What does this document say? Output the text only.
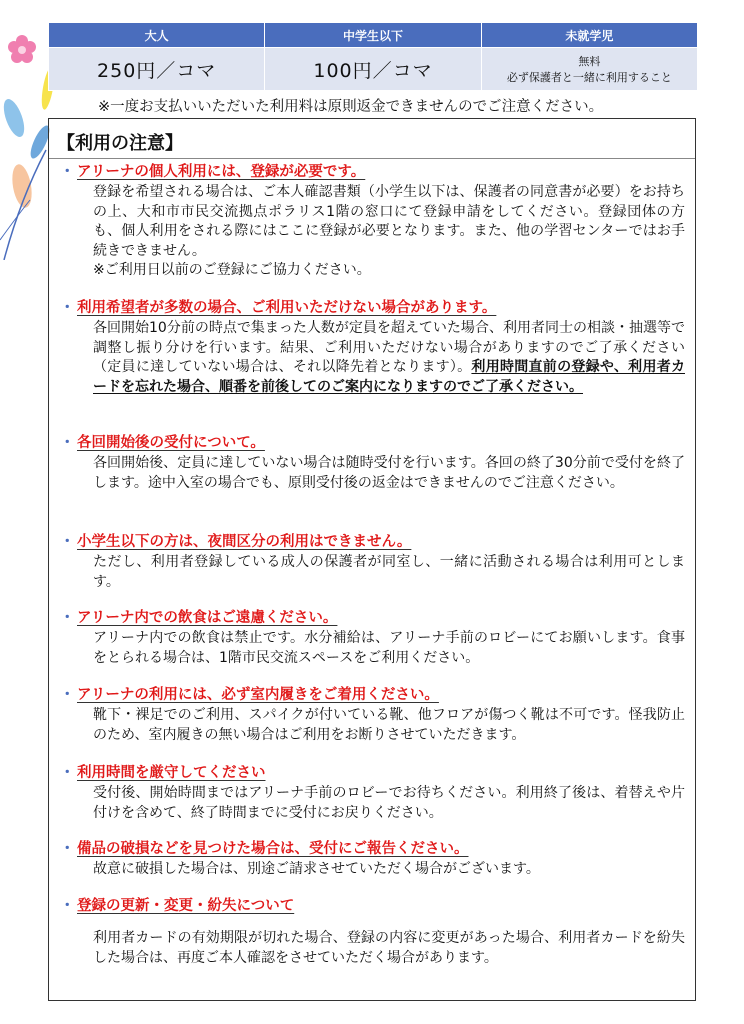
大人	中学生以下	未就学児
250円／コマ	100円／コマ	無料
必ず保護者と一緒に利用すること
※一度お支払いいただいた利用料は原則返金できませんのでご注意ください。
【利用の注意】
・ アリーナの個人利用には、登録が必要です。
登録を希望される場合は、ご本人確認書類（小学生以下は、保護者の同意書が必要）をお持ちの上、大和市市民交流拠点ポラリス1階の窓口にて登録申請をしてください。登録団体の方も、個人利用をされる際にはここに登録が必要となります。また、他の学習センターではお手続きできません。
※ご利用日以前のご登録にご協力ください。
・ 利用希望者が多数の場合、ご利用いただけない場合があります。
各回開始10分前の時点で集まった人数が定員を超えていた場合、利用者同士の相談・抽選等で調整し振り分けを行います。結果、ご利用いただけない場合がありますのでご了承ください（定員に達していない場合は、それ以降先着となります）。利用時間直前の登録や、利用者カードを忘れた場合、順番を前後してのご案内になりますのでご了承ください。
・ 各回開始後の受付について。
各回開始後、定員に達していない場合は随時受付を行います。各回の終了30分前で受付を終了します。途中入室の場合でも、原則受付後の返金はできませんのでご注意ください。
・ 小学生以下の方は、夜間区分の利用はできません。
ただし、利用者登録している成人の保護者が同室し、一緒に活動される場合は利用可とします。
・ アリーナ内での飲食はご遠慮ください。
アリーナ内での飲食は禁止です。水分補給は、アリーナ手前のロビーにてお願いします。食事をとられる場合は、1階市民交流スペースをご利用ください。
・ アリーナの利用には、必ず室内履きをご着用ください。
靴下・裸足でのご利用、スパイクが付いている靴、他フロアが傷つく靴は不可です。怪我防止のため、室内履きの無い場合はご利用をお断りさせていただきます。
・ 利用時間を厳守してください
受付後、開始時間まではアリーナ手前のロビーでお待ちください。利用終了後は、着替えや片付けを含めて、終了時間までに受付にお戻りください。
・ 備品の破損などを見つけた場合は、受付にご報告ください。
故意に破損した場合は、別途ご請求させていただく場合がございます。
・ 登録の更新・変更・紛失について
利用者カードの有効期限が切れた場合、登録の内容に変更があった場合、利用者カードを紛失した場合は、再度ご本人確認をさせていただく場合があります。
